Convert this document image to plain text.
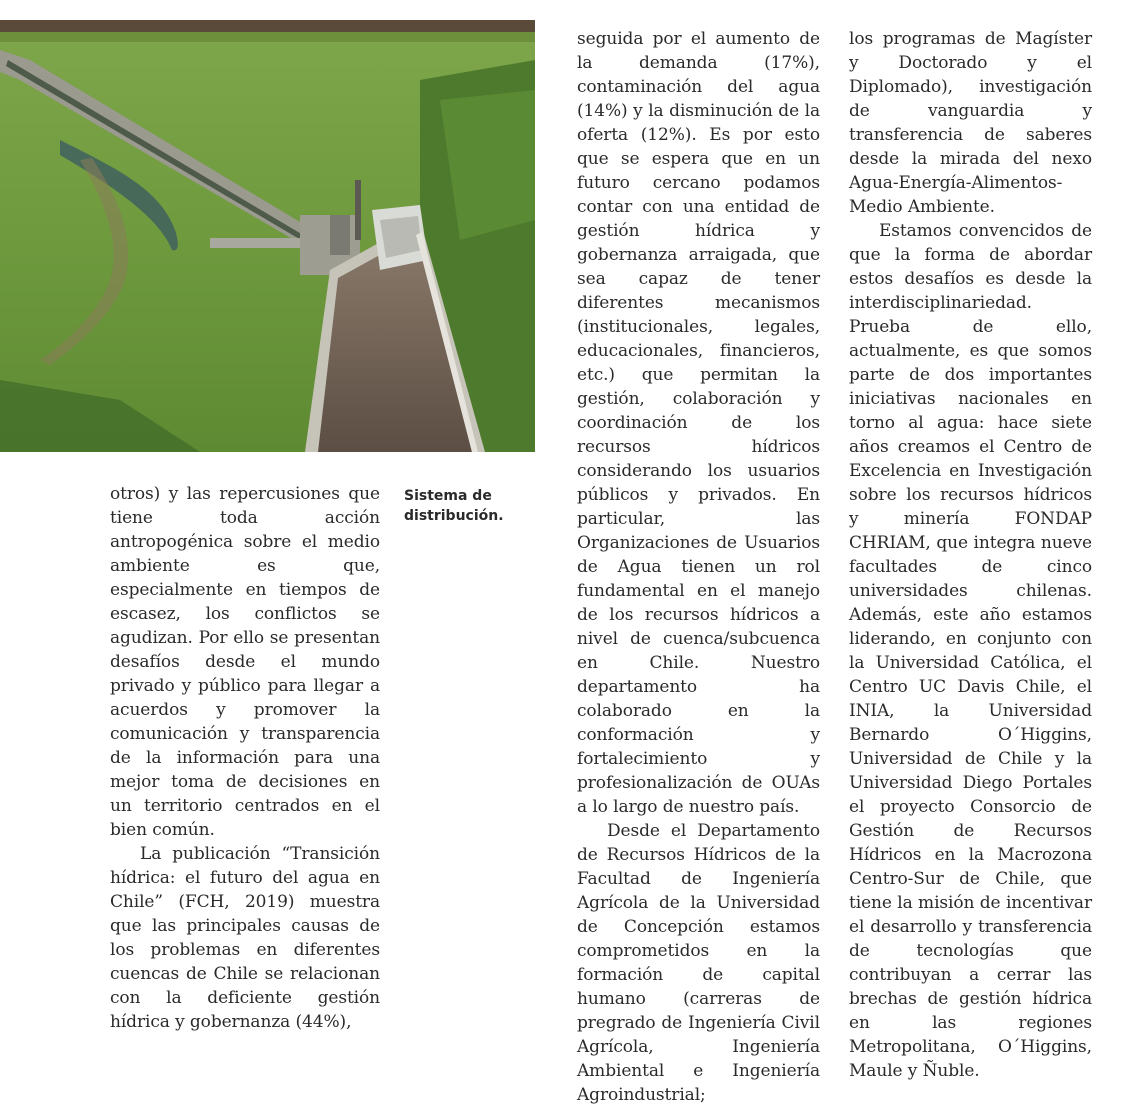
Sistema de distribución.

otros) y las repercusiones que tiene toda acción antropogénica sobre el medio ambiente es que, especialmente en tiempos de escasez, los conflictos se agudizan. Por ello se presentan desafíos desde el mundo privado y público para llegar a acuerdos y promover la comunicación y transparencia de la información para una mejor toma de decisiones en un territorio centrados en el bien común.

La publicación “Transición hídrica: el futuro del agua en Chile” (FCH, 2019) muestra que las principales causas de los problemas en diferentes cuencas de Chile se relacionan con la deficiente gestión hídrica y gobernanza (44%),

seguida por el aumento de la demanda (17%), contaminación del agua (14%) y la disminución de la oferta (12%). Es por esto que se espera que en un futuro cercano podamos contar con una entidad de gestión hídrica y gobernanza arraigada, que sea capaz de tener diferentes mecanismos (institucionales, legales, educacionales, financieros, etc.) que permitan la gestión, colaboración y coordinación de los recursos hídricos considerando los usuarios públicos y privados. En particular, las Organizaciones de Usuarios de Agua tienen un rol fundamental en el manejo de los recursos hídricos a nivel de cuenca/subcuenca en Chile. Nuestro departamento ha colaborado en la conformación y fortalecimiento y profesionalización de OUAs a lo largo de nuestro país.

Desde el Departamento de Recursos Hídricos de la Facultad de Ingeniería Agrícola de la Universidad de Concepción estamos comprometidos en la formación de capital humano (carreras de pregrado de Ingeniería Civil Agrícola, Ingeniería Ambiental e Ingeniería Agroindustrial;

los programas de Magíster y Doctorado y el Diplomado), investigación de vanguardia y transferencia de saberes desde la mirada del nexo Agua-Energía-Alimentos-Medio Ambiente.

Estamos convencidos de que la forma de abordar estos desafíos es desde la interdisciplinariedad. Prueba de ello, actualmente, es que somos parte de dos importantes iniciativas nacionales en torno al agua: hace siete años creamos el Centro de Excelencia en Investigación sobre los recursos hídricos y minería FONDAP CHRIAM, que integra nueve facultades de cinco universidades chilenas. Además, este año estamos liderando, en conjunto con la Universidad Católica, el Centro UC Davis Chile, el INIA, la Universidad Bernardo O´Higgins, Universidad de Chile y la Universidad Diego Portales el proyecto Consorcio de Gestión de Recursos Hídricos en la Macrozona Centro-Sur de Chile, que tiene la misión de incentivar el desarrollo y transferencia de tecnologías que contribuyan a cerrar las brechas de gestión hídrica en las regiones Metropolitana, O´Higgins, Maule y Ñuble.
